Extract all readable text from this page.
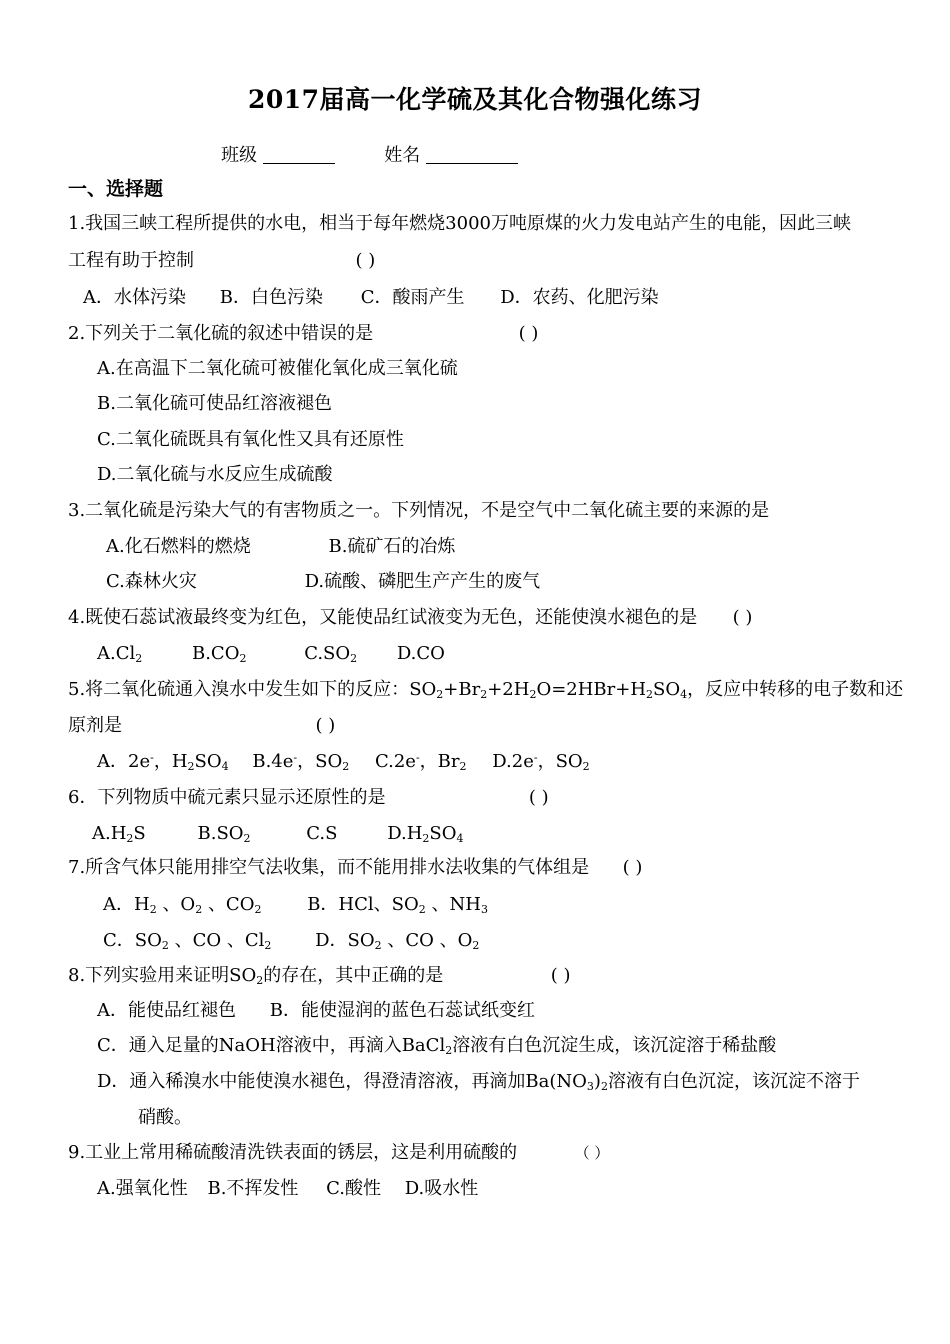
2017届高一化学硫及其化合物强化练习
班级	姓名
一、选择题
1.我国三峡工程所提供的水电，相当于每年燃烧3000万吨原煤的火力发电站产生的电能，因此三峡
工程有助于控制	( )
A．水体污染 B．白色污染 C．酸雨产生 D．农药、化肥污染
2.下列关于二氧化硫的叙述中错误的是	( )
A.在高温下二氧化硫可被催化氧化成三氧化硫
B.二氧化硫可使品红溶液褪色
C.二氧化硫既具有氧化性又具有还原性
D.二氧化硫与水反应生成硫酸
3.二氧化硫是污染大气的有害物质之一。下列情况，不是空气中二氧化硫主要的来源的是
A.化石燃料的燃烧	B.硫矿石的冶炼
C.森林火灾	D.硫酸、磷肥生产产生的废气
4.既使石蕊试液最终变为红色，又能使品红试液变为无色，还能使溴水褪色的是 ( )
$A.Cl_2$	$B.CO_2$	$C.SO_2$ D.CO
5.将二氧化硫通入溴水中发生如下的反应：$SO_2+Br_2+2H_2O=2HBr+H_2SO_4$，反应中转移的电子数和还
原剂是	( )
A．2e-，$H_2SO_4$ B.4e-，$SO_2$ C.2e-，$Br_2$ D.2e-，$SO_2$
6．下列物质中硫元素只显示还原性的是	( )
$A.H_2S$	$B.SO_2$	C.S	$D.H_2SO_4$
7.所含气体只能用排空气法收集，而不能用排水法收集的气体组是 ( )
A．$H_2$ 、$O_2$ 、$CO_2$	B．HCl、$SO_2$ 、$NH_3$
C．$SO_2$ 、CO 、$Cl_2$ D．$SO_2$ 、CO 、$O_2$
8.下列实验用来证明$SO_2$的存在，其中正确的是	( )
A．能使品红褪色 B．能使湿润的蓝色石蕊试纸变红
C．通入足量的NaOH溶液中，再滴入BaCl$_2$溶液有白色沉淀生成，该沉淀溶于稀盐酸
D．通入稀溴水中能使溴水褪色，得澄清溶液，再滴加$Ba(NO_3)_2$溶液有白色沉淀，该沉淀不溶于
硝酸。
9.工业上常用稀硫酸清洗铁表面的锈层，这是利用硫酸的	（ ）
A.强氧化性 B.不挥发性 C.酸性 D.吸水性
